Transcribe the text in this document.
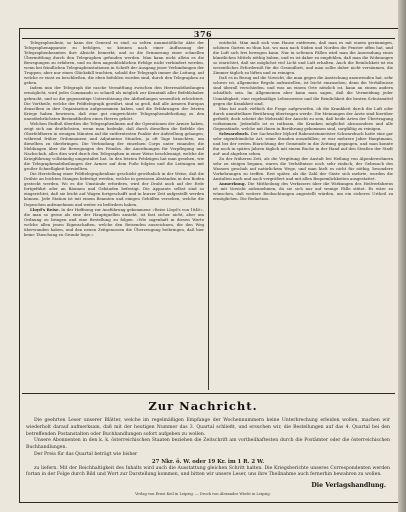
376

Telegraphenlinie, so kann der General es sind, so selten unumstößliche Akte der Telegraphenapparate zu befolgen, so können nach einer Auffassung der Telegraphenbeamten ihre Absicht bemerkt; und so die Erinnerung einer schnellen Übermittlung durch den Telegraphen gefunden werden. Man kann nicht allein es die Bewegungen zu erfahren, und zu dem augenblicklichen Erfolge nicht verhindert werden, wenn bei feindlichen Telegraphenstationen in Schrift der Ausgang jener Verbindungen der Truppen; aber nur einen Glücksfall trachten, sobald der Telegraph immer die Leitung, auf welche er einst zu beschließen, die eben befohlen worden sind, durch den Telegraphen zu geben.

Indem nun der Telegraph die rasche Vermittlung zwischen den Heeresabtheilungen ermöglicht, wird jedes Commando so schnell als möglich zur Kenntniß aller Befehlshaber gebracht, und so die gegenseitige Unterstützung der Abtheilungen wesentlich erleichtert. Die Vortheile, welche der Feldtelegraph gewährt, sind so groß, daß alle Armeen Europas denselben in ihre Organisation aufgenommen haben, und die Erfahrungen der letzten Kriege haben bewiesen, daß eine gut eingerichtete Telegraphenabtheilung zu den unentbehrlichsten Bestandtheilen eines Heeres gehört.

Welchen Einfluß überdies die Telegraphenlinien auf die Operationen der Armee haben, zeigt sich am deutlichsten, wenn man bedenkt, daß durch dieselben die Befehle des Oberfeldherrn in wenigen Minuten auf die entferntesten Punkte der Aufstellung gelangen, während früher Ordonnanzen und Adjutanten Stunden, ja oft Tage brauchten, um dieselben zu überbringen. Die Verbindung der einzelnen Corps unter einander, die Meldungen über die Bewegungen des Feindes, die Anordnungen für Verpflegung und Nachschub, alles dies wird durch den Telegraphen in einer Weise beschleunigt, welche die Kriegführung vollständig umgestaltet hat. In den letzten Feldzügen hat man gesehen, wie die Telegraphenabtheilungen der Armee auf dem Fuße folgten und die Leitungen mit großer Schnelligkeit herstellten.

Die Herstellung einer Feldtelegraphenlinie geschieht gewöhnlich in der Weise, daß die Drähte an leichten Stangen befestigt werden, welche in gewissen Abständen in den Boden gesteckt werden. Wo es die Umstände erfordern, wird der Draht auch auf der Erde fortgeführt oder an Bäumen und Gebäuden befestigt. Die Apparate selbst sind so eingerichtet, daß sie leicht auf Wagen fortgeschafft und in kurzer Zeit aufgestellt werden können. Jede Station ist mit einem Beamten und einigen Gehülfen versehen, welche die Depeschen aufzunehmen und weiter zu befördern haben.

Lloyd's Reise. In der Hoffnung zur Ausführung gekommene »Reise Lloyd's von 1840«, die man so gerne als eine der Hauptquellen ansieht, ist fast sicher nicht, aber um Ordnung zu bringen und eine Bestellung zu folgen. »Wie sagenhaft in diesen Worte welche allen jenen Eigenschaften, welche den Reisenden auszeichnen, die den Weg überwunden haben, und den neuen Zeitgenossen die Überzeugung beibringen, daß hier keine Täuschung zu Grunde liege.«

entdeckt. Man muß sich vom Hause entfernen, daß man es mit einem geräumigen, schönen Garten zu thun hat, wo man nach Süden und Norden die Fenster offen hat, und die Luft sich frei bewegen kann. Nur in seltenen Fällen wird man die Anwendung eines künstlichen Mittels nöthig haben, und es ist daher zu empfehlen, daß man die Wohnungen so einrichtet, daß sie möglichst viel Licht und Luft erhalten. Auch die Reinlichkeit ist ein wesentliches Erforderniß für die Gesundheit, und man sollte daher nicht versäumen, die Zimmer täglich zu lüften und zu reinigen.

Daß es in Bezug auf die Vorsicht, die man gegen die Ansteckung anzuwenden hat, sehr schwer ist, allgemeine Regeln aufzustellen, ist leicht einzusehen; denn die Verhältnisse sind überall verschieden, und was an einem Orte nützlich ist, kann an einem andern schädlich sein. Im Allgemeinen aber kann man sagen, daß die Vermeidung jeder Unmäßigkeit, eine regelmäßige Lebensweise und die Reinlichkeit die besten Schutzmittel gegen die Krankheit sind.

Man hat auch vielfach die Frage aufgeworfen, ob die Krankheit durch die Luft oder durch unmittelbare Berührung übertragen werde. Die Meinungen der Ärzte sind hierüber getheilt; doch scheint die Mehrzahl der Ansicht zu sein, daß beide Arten der Übertragung vorkommen. Jedenfalls ist es rathsam, die Kranken möglichst abzusondern und alle Gegenstände, welche mit ihnen in Berührung gekommen sind, sorgfältig zu reinigen.

Schwarzbuch. Der Sachwalter Mylord Rabensteinmeister Schwarzbuch hatte eine gar sehr eigenthümliche Art, seine Stunden auszufüllen; er war mehrere Jahre Hauptmann, und bei der ersten Einrichtung der Gemeinde in die Zeitung gegangen, und man konnte ihn noch in späten Jahren täglich mit einem Buche in der Hand auf den Straßen der Stadt auf- und abgehen sehen.

Zu der früheren Zeit, als die Vergütung der Anstalt bei Heilung von Alpenbewohnern sehr zu steigen begann, waren die Verhältnisse noch sehr einfach; der Gebrauch des Wassers geschah auf natürlichem Wege, und man hielt es nicht für nöthig, besondere Vorkehrungen zu treffen. Erst später, als die Zahl der Gäste sich mehrte, wurden die Anstalten nach und nach vergrößert und mit allen Bequemlichkeiten ausgestattet.

Anmerkung. Die Mittheilung des Verfassers über die Wirkungen des Heilverfahrens ist mit Vorsicht aufzunehmen, da sie sich nur auf wenige Fälle stützt. Es wäre zu wünschen, daß weitere Beobachtungen angestellt würden, um ein sicheres Urtheil zu ermöglichen. Die Redaction.

Zur Nachricht.

Die geehrten Leser unserer Blätter, welche im regelmäßigen Empfange der Wochennummern keine Unterbrechung erleiden wollen, machen wir wiederholt darauf aufmerksam, daß mit der heutigen Nummer das 3. Quartal schließt, und ersuchen wir, die Bestellungen auf das 4. Quartal bei den betreffenden Postanstalten oder Buchhandlungen sofort aufgeben zu wollen.

Unsere Abonnenten in den k. k. österreichischen Staaten beziehen die Zeitschrift am vortheilhaftesten durch die Postämter oder die österreichischen Buchhandlungen.

Der Preis für das Quartal beträgt wie bisher

27 Nkr. ö. W. oder 19 Kr. im 1 R. 2 W.

zu liefern. Mit der Reichhaltigkeit des Inhalts wird auch die Ausstattung gleichen Schritt halten. Die Kriegsberichte unseres Correspondenten werden fortan in der Folge durch Bild und Wort zur Darstellung kommen, und bitten wir unsere Leser, uns ihre Theilnahme auch fernerhin bewahren zu wollen.

Die Verlagshandlung.
Verlag von Ernst Keil in Leipzig. — Druck von Alexander Wiede in Leipzig.
